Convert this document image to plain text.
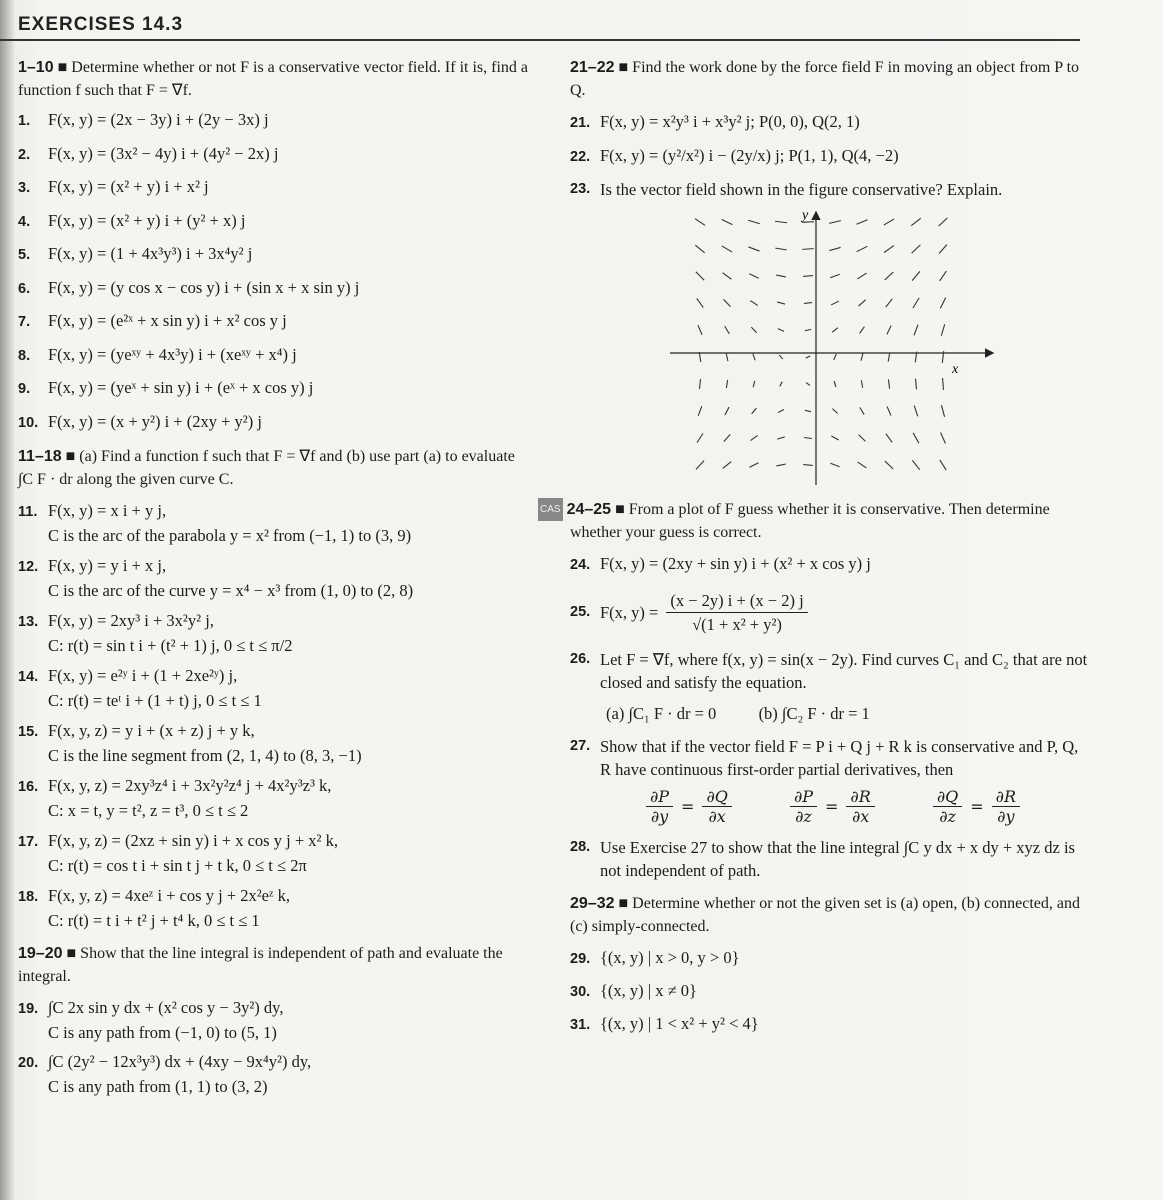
EXERCISES 14.3

1–10 ■ Determine whether or not F is a conservative vector field. If it is, find a function f such that F = ∇f.

1. F(x, y) = (2x − 3y) i + (2y − 3x) j
2. F(x, y) = (3x² − 4y) i + (4y² − 2x) j
3. F(x, y) = (x² + y) i + x² j
4. F(x, y) = (x² + y) i + (y² + x) j
5. F(x, y) = (1 + 4x³y³) i + 3x⁴y² j
6. F(x, y) = (y cos x − cos y) i + (sin x + x sin y) j
7. F(x, y) = (e²ˣ + x sin y) i + x² cos y j
8. F(x, y) = (yeˣʸ + 4x³y) i + (xeˣʸ + x⁴) j
9. F(x, y) = (yeˣ + sin y) i + (eˣ + x cos y) j
10. F(x, y) = (x + y²) i + (2xy + y²) j

11–18 ■ (a) Find a function f such that F = ∇f and (b) use part (a) to evaluate ∫C F · dr along the given curve C.

11. F(x, y) = x i + y j,
C is the arc of the parabola y = x² from (−1, 1) to (3, 9)
12. F(x, y) = y i + x j,
C is the arc of the curve y = x⁴ − x³ from (1, 0) to (2, 8)
13. F(x, y) = 2xy³ i + 3x²y² j,
C: r(t) = sin t i + (t² + 1) j, 0 ≤ t ≤ π/2
14. F(x, y) = e²ʸ i + (1 + 2xe²ʸ) j,
C: r(t) = teᵗ i + (1 + t) j, 0 ≤ t ≤ 1
15. F(x, y, z) = y i + (x + z) j + y k,
C is the line segment from (2, 1, 4) to (8, 3, −1)
16. F(x, y, z) = 2xy³z⁴ i + 3x²y²z⁴ j + 4x²y³z³ k,
C: x = t, y = t², z = t³, 0 ≤ t ≤ 2
17. F(x, y, z) = (2xz + sin y) i + x cos y j + x² k,
C: r(t) = cos t i + sin t j + t k, 0 ≤ t ≤ 2π
18. F(x, y, z) = 4xeᶻ i + cos y j + 2x²eᶻ k,
C: r(t) = t i + t² j + t⁴ k, 0 ≤ t ≤ 1

19–20 ■ Show that the line integral is independent of path and evaluate the integral.

19. ∫C 2x sin y dx + (x² cos y − 3y²) dy,
C is any path from (−1, 0) to (5, 1)
20. ∫C (2y² − 12x³y³) dx + (4xy − 9x⁴y²) dy,
C is any path from (1, 1) to (3, 2)

21–22 ■ Find the work done by the force field F in moving an object from P to Q.

21. F(x, y) = x²y³ i + x³y² j; P(0, 0), Q(2, 1)
22. F(x, y) = (y²/x²) i − (2y/x) j; P(1, 1), Q(4, −2)
23. Is the vector field shown in the figure conservative? Explain.
y
x

CAS 24–25 ■ From a plot of F guess whether it is conservative. Then determine whether your guess is correct.

24. F(x, y) = (2xy + sin y) i + (x² + x cos y) j
25. F(x, $y) = \frac{(x - 2y) i + (x - 2) j}{\text{√(1 + x² + y²)}}$
26. Let F = ∇f, where f(x, y) = sin(x − 2y). Find curves C₁ and C₂ that are not closed and satisfy the equation.
(a) ∫C₁ F · dr = 0	(b) ∫C₂ F · dr = 1
27. Show that if the vector field F = P i + Q j + R k is conservative and P, Q, R have continuous first-order partial derivatives, then
$\frac{\partial P}{\partial y} = \frac{\partial Q}{\partial x}$	$\frac{\partial P}{\partial z} = \frac{\partial R}{\partial x}$	$\frac{\partial Q}{\partial z} = \frac{\partial R}{\partial y}$
28. Use Exercise 27 to show that the line integral ∫C y dx + x dy + xyz dz is not independent of path.

29–32 ■ Determine whether or not the given set is (a) open, (b) connected, and (c) simply-connected.

29. {(x, y) | x > 0, y > 0}
30. {(x, y) | x ≠ 0}
31. {(x, y) | 1 < x² + y² < 4}
